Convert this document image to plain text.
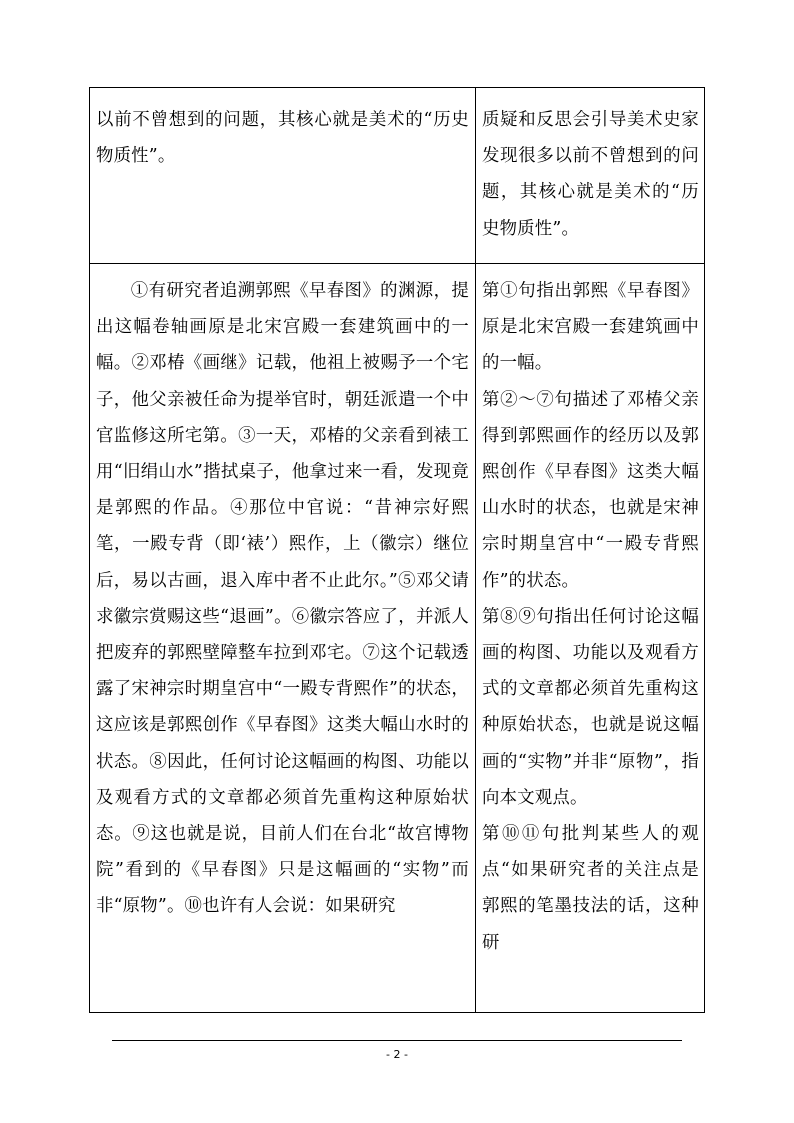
以前不曾想到的问题，其核心就是美术的“历史物质性”。

质疑和反思会引导美术史家发现很多以前不曾想到的问题，其核心就是美术的“历史物质性”。

①有研究者追溯郭熙《早春图》的渊源，提出这幅卷轴画原是北宋宫殿一套建筑画中的一幅。②邓椿《画继》记载，他祖上被赐予一个宅子，他父亲被任命为提举官时，朝廷派遣一个中官监修这所宅第。③一天，邓椿的父亲看到裱工用“旧绢山水”揩拭桌子，他拿过来一看，发现竟是郭熙的作品。④那位中官说：“昔神宗好熙笔，一殿专背（即‘裱’）熙作，上（徽宗）继位后，易以古画，退入库中者不止此尔。”⑤邓父请求徽宗赏赐这些“退画”。⑥徽宗答应了，并派人把废弃的郭熙壁障整车拉到邓宅。⑦这个记载透露了宋神宗时期皇宫中“一殿专背熙作”的状态，这应该是郭熙创作《早春图》这类大幅山水时的状态。⑧因此，任何讨论这幅画的构图、功能以及观看方式的文章都必须首先重构这种原始状态。⑨这也就是说，目前人们在台北“故宫博物院”看到的《早春图》只是这幅画的“实物”而非“原物”。⑩也许有人会说：如果研究

第①句指出郭熙《早春图》原是北宋宫殿一套建筑画中的一幅。

第②～⑦句描述了邓椿父亲得到郭熙画作的经历以及郭熙创作《早春图》这类大幅山水时的状态，也就是宋神宗时期皇宫中“一殿专背熙作”的状态。

第⑧⑨句指出任何讨论这幅画的构图、功能以及观看方式的文章都必须首先重构这种原始状态，也就是说这幅画的“实物”并非“原物”，指向本文观点。

第⑩⑪句批判某些人的观点“如果研究者的关注点是郭熙的笔墨技法的话，这种研

- 2 -
